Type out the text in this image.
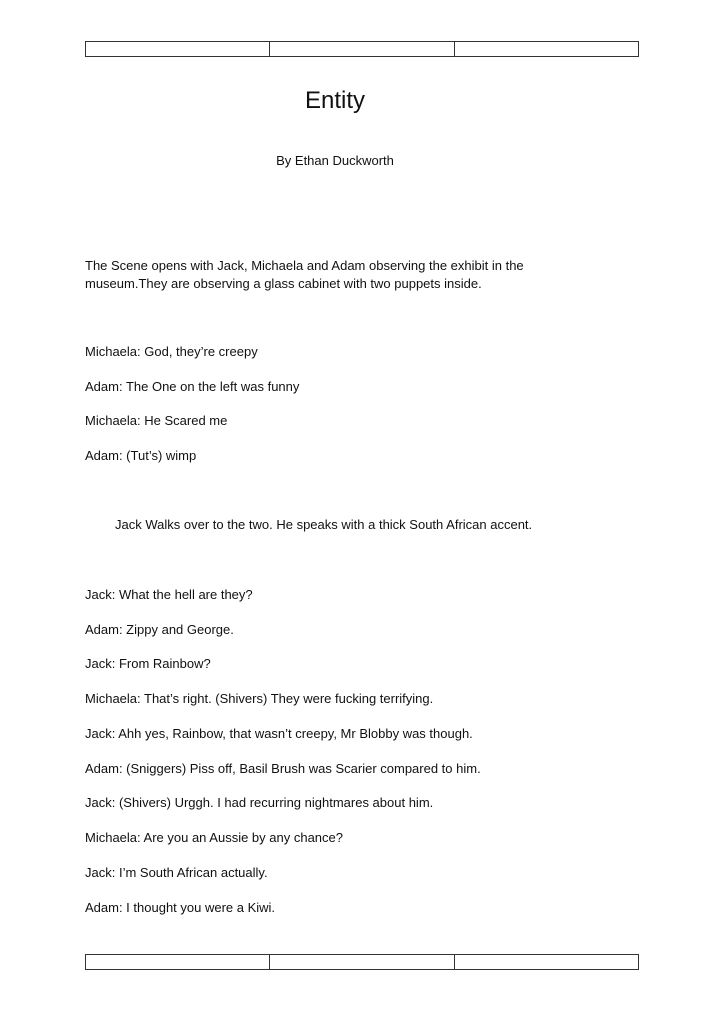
Entity
By Ethan Duckworth
The Scene opens with Jack, Michaela and Adam observing the exhibit in the museum.They are observing a glass cabinet with two puppets inside.
Michaela: God, they’re creepy
Adam: The One on the left was funny
Michaela: He Scared me
Adam: (Tut’s) wimp
Jack Walks over to the two. He speaks with a thick South African accent.
Jack: What the hell are they?
Adam: Zippy and George.
Jack: From Rainbow?
Michaela: That’s right. (Shivers) They were fucking terrifying.
Jack: Ahh yes, Rainbow, that wasn’t creepy, Mr Blobby was though.
Adam: (Sniggers) Piss off, Basil Brush was Scarier compared to him.
Jack: (Shivers) Urggh. I had recurring nightmares about him.
Michaela: Are you an Aussie by any chance?
Jack: I’m South African actually.
Adam: I thought you were a Kiwi.
